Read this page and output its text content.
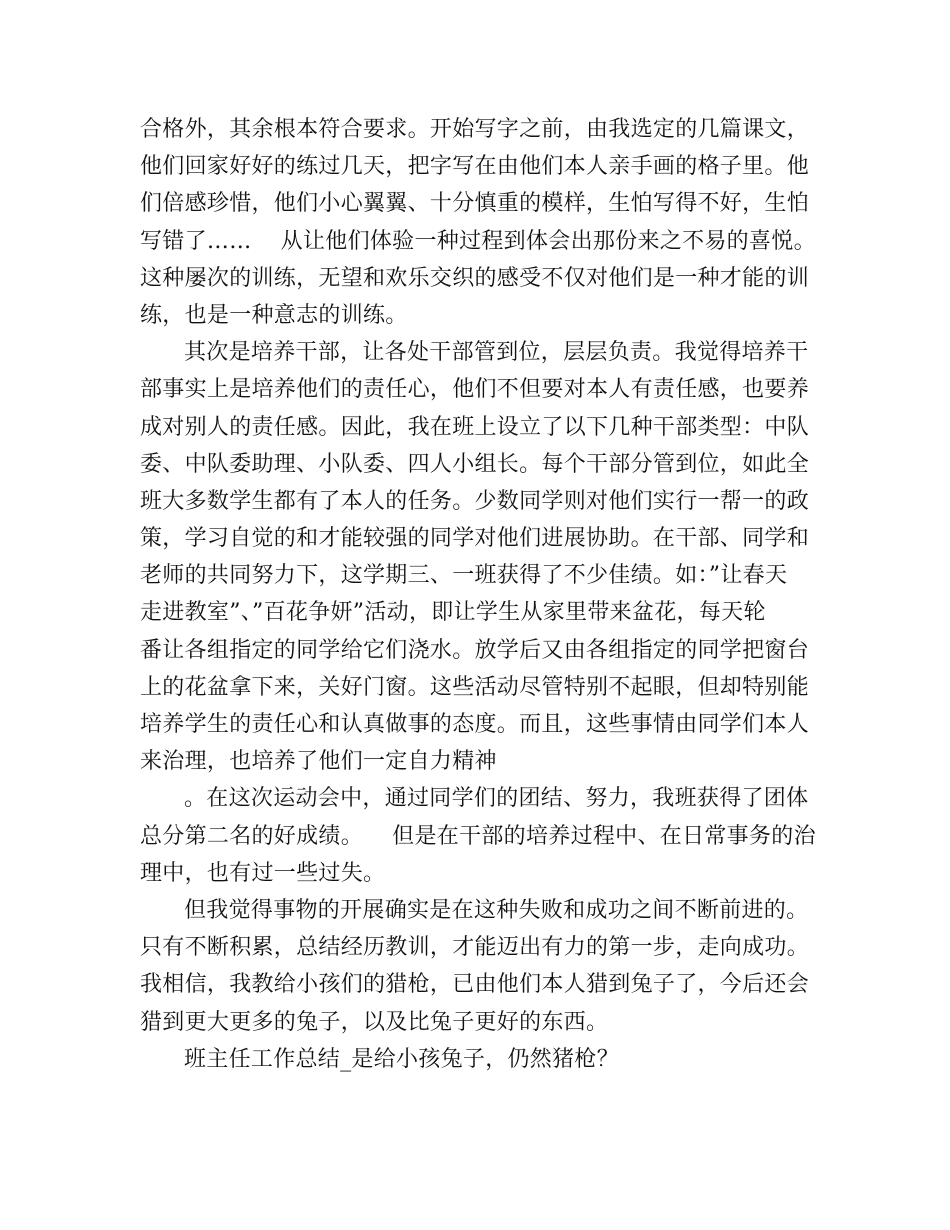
合格外，其余根本符合要求。开始写字之前，由我选定的几篇课文，
他们回家好好的练过几天，把字写在由他们本人亲手画的格子里。他
们倍感珍惜，他们小心翼翼、十分慎重的模样，生怕写得不好，生怕
写错了……    从让他们体验一种过程到体会出那份来之不易的喜悦。
这种屡次的训练，无望和欢乐交织的感受不仅对他们是一种才能的训
练，也是一种意志的训练。
其次是培养干部，让各处干部管到位，层层负责。我觉得培养干
部事实上是培养他们的责任心，他们不但要对本人有责任感，也要养
成对别人的责任感。因此，我在班上设立了以下几种干部类型：中队
委、中队委助理、小队委、四人小组长。每个干部分管到位，如此全
班大多数学生都有了本人的任务。少数同学则对他们实行一帮一的政
策，学习自觉的和才能较强的同学对他们进展协助。在干部、同学和
老师的共同努力下，这学期三、一班获得了不少佳绩。如：”让春天
走进教室”、”百花争妍”活动，即让学生从家里带来盆花，每天轮
番让各组指定的同学给它们浇水。放学后又由各组指定的同学把窗台
上的花盆拿下来，关好门窗。这些活动尽管特别不起眼，但却特别能
培养学生的责任心和认真做事的态度。而且，这些事情由同学们本人
来治理，也培养了他们一定自力精神
。在这次运动会中，通过同学们的团结、努力，我班获得了团体
总分第二名的好成绩。    但是在干部的培养过程中、在日常事务的治
理中，也有过一些过失。
但我觉得事物的开展确实是在这种失败和成功之间不断前进的。
只有不断积累，总结经历教训，才能迈出有力的第一步，走向成功。
我相信，我教给小孩们的猎枪，已由他们本人猎到兔子了，今后还会
猎到更大更多的兔子，以及比兔子更好的东西。
班主任工作总结_是给小孩兔子，仍然猪枪？
